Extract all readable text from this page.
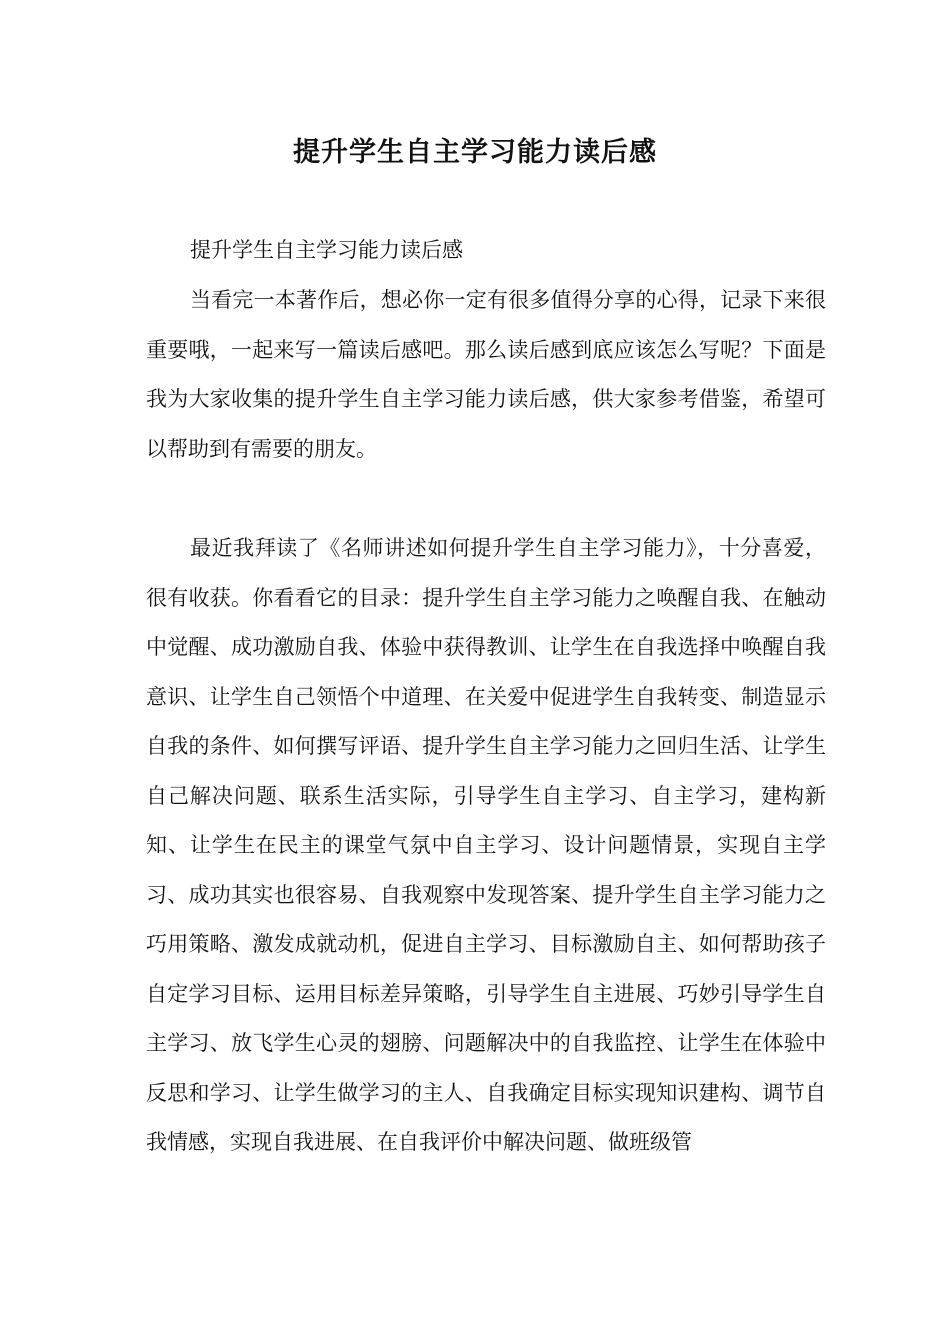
提升学生自主学习能力读后感

提升学生自主学习能力读后感

当看完一本著作后，想必你一定有很多值得分享的心得，记录下来很重要哦，一起来写一篇读后感吧。那么读后感到底应该怎么写呢？下面是我为大家收集的提升学生自主学习能力读后感，供大家参考借鉴，希望可以帮助到有需要的朋友。

最近我拜读了《名师讲述如何提升学生自主学习能力》，十分喜爱，很有收获。你看看它的目录：提升学生自主学习能力之唤醒自我、在触动中觉醒、成功激励自我、体验中获得教训、让学生在自我选择中唤醒自我意识、让学生自己领悟个中道理、在关爱中促进学生自我转变、制造显示自我的条件、如何撰写评语、提升学生自主学习能力之回归生活、让学生自己解决问题、联系生活实际，引导学生自主学习、自主学习，建构新知、让学生在民主的课堂气氛中自主学习、设计问题情景，实现自主学习、成功其实也很容易、自我观察中发现答案、提升学生自主学习能力之巧用策略、激发成就动机，促进自主学习、目标激励自主、如何帮助孩子自定学习目标、运用目标差异策略，引导学生自主进展、巧妙引导学生自主学习、放飞学生心灵的翅膀、问题解决中的自我监控、让学生在体验中反思和学习、让学生做学习的主人、自我确定目标实现知识建构、调节自我情感，实现自我进展、在自我评价中解决问题、做班级管
